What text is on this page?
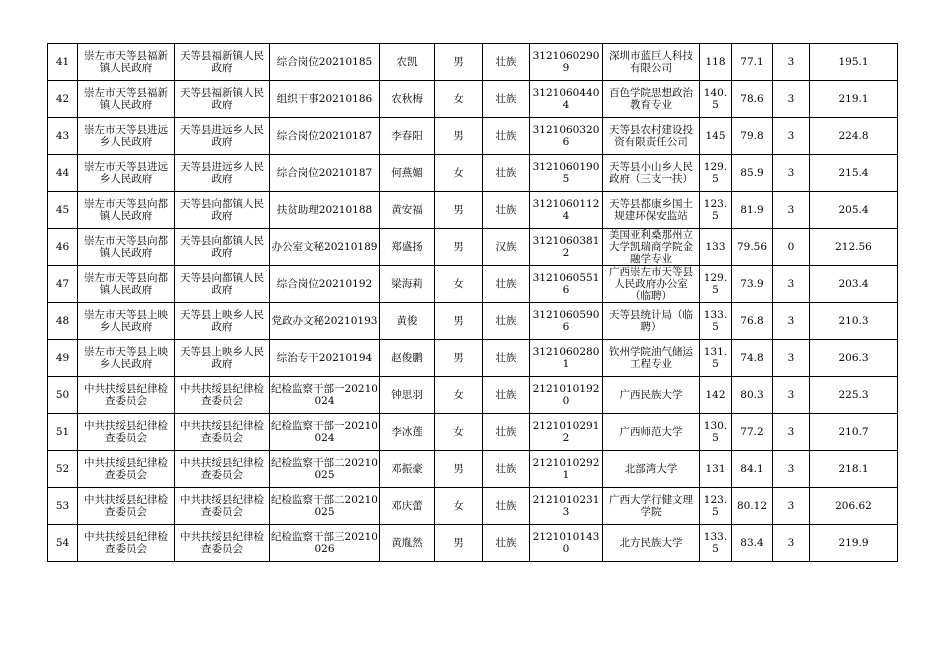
41	崇左市天等县福新镇人民政府	天等县福新镇人民政府	综合岗位20210185	农凯	男	壮族	31210602909	深圳市蓝巨人科技有限公司	118	77.1	3	195.1
42	崇左市天等县福新镇人民政府	天等县福新镇人民政府	组织干事20210186	农秋梅	女	壮族	31210604404	百色学院思想政治教育专业	140.5	78.6	3	219.1
43	崇左市天等县进远乡人民政府	天等县进远乡人民政府	综合岗位20210187	李春阳	男	壮族	31210603206	天等县农村建设投资有限责任公司	145	79.8	3	224.8
44	崇左市天等县进远乡人民政府	天等县进远乡人民政府	综合岗位20210187	何燕媚	女	壮族	31210601905	天等县小山乡人民政府（三支一扶）	129.5	85.9	3	215.4
45	崇左市天等县向都镇人民政府	天等县向都镇人民政府	扶贫助理20210188	黄安福	男	壮族	31210601124	天等县都康乡国土规建环保安监站	123.5	81.9	3	205.4
46	崇左市天等县向都镇人民政府	天等县向都镇人民政府	办公室文秘20210189	郑盛扬	男	汉族	31210603812	美国亚利桑那州立大学凯瑞商学院金融学专业	133	79.56	0	212.56
47	崇左市天等县向都镇人民政府	天等县向都镇人民政府	综合岗位20210192	梁海莉	女	壮族	31210605516	广西崇左市天等县人民政府办公室（临聘）	129.5	73.9	3	203.4
48	崇左市天等县上映乡人民政府	天等县上映乡人民政府	党政办文秘20210193	黄俊	男	壮族	31210605906	天等县统计局（临聘）	133.5	76.8	3	210.3
49	崇左市天等县上映乡人民政府	天等县上映乡人民政府	综治专干20210194	赵俊鹏	男	壮族	31210602801	钦州学院油气储运工程专业	131.5	74.8	3	206.3
50	中共扶绥县纪律检查委员会	中共扶绥县纪律检查委员会	纪检监察干部一20210024	钟思羽	女	壮族	21210101920	广西民族大学	142	80.3	3	225.3
51	中共扶绥县纪律检查委员会	中共扶绥县纪律检查委员会	纪检监察干部一20210024	李冰莲	女	壮族	21210102912	广西师范大学	130.5	77.2	3	210.7
52	中共扶绥县纪律检查委员会	中共扶绥县纪律检查委员会	纪检监察干部二20210025	邓振豪	男	壮族	21210102921	北部湾大学	131	84.1	3	218.1
53	中共扶绥县纪律检查委员会	中共扶绥县纪律检查委员会	纪检监察干部二20210025	邓庆蕾	女	壮族	21210102313	广西大学行健文理学院	123.5	80.12	3	206.62
54	中共扶绥县纪律检查委员会	中共扶绥县纪律检查委员会	纪检监察干部三20210026	黄胤然	男	壮族	21210101430	北方民族大学	133.5	83.4	3	219.9
